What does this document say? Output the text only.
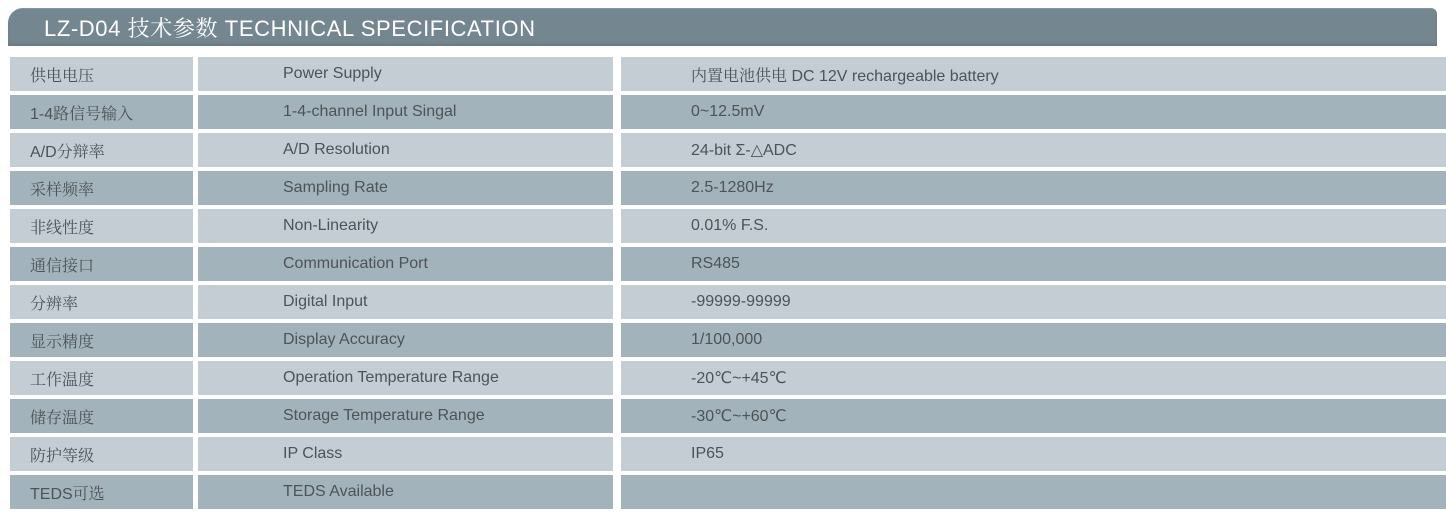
LZ-D04 技术参数 TECHNICAL SPECIFICATION
供电电压	Power Supply	内置电池供电 DC 12V rechargeable battery
1-4路信号输入	1-4-channel Input Singal	0~12.5mV
A/D分辩率	A/D Resolution	24-bit Σ-△ADC
采样频率	Sampling Rate	2.5-1280Hz
非线性度	Non-Linearity	0.01% F.S.
通信接口	Communication Port	RS485
分辨率	Digital Input	-99999-99999
显示精度	Display Accuracy	1/100,000
工作温度	Operation Temperature Range	-20℃~+45℃
储存温度	Storage Temperature Range	-30℃~+60℃
防护等级	IP Class	IP65
TEDS可选	TEDS Available
